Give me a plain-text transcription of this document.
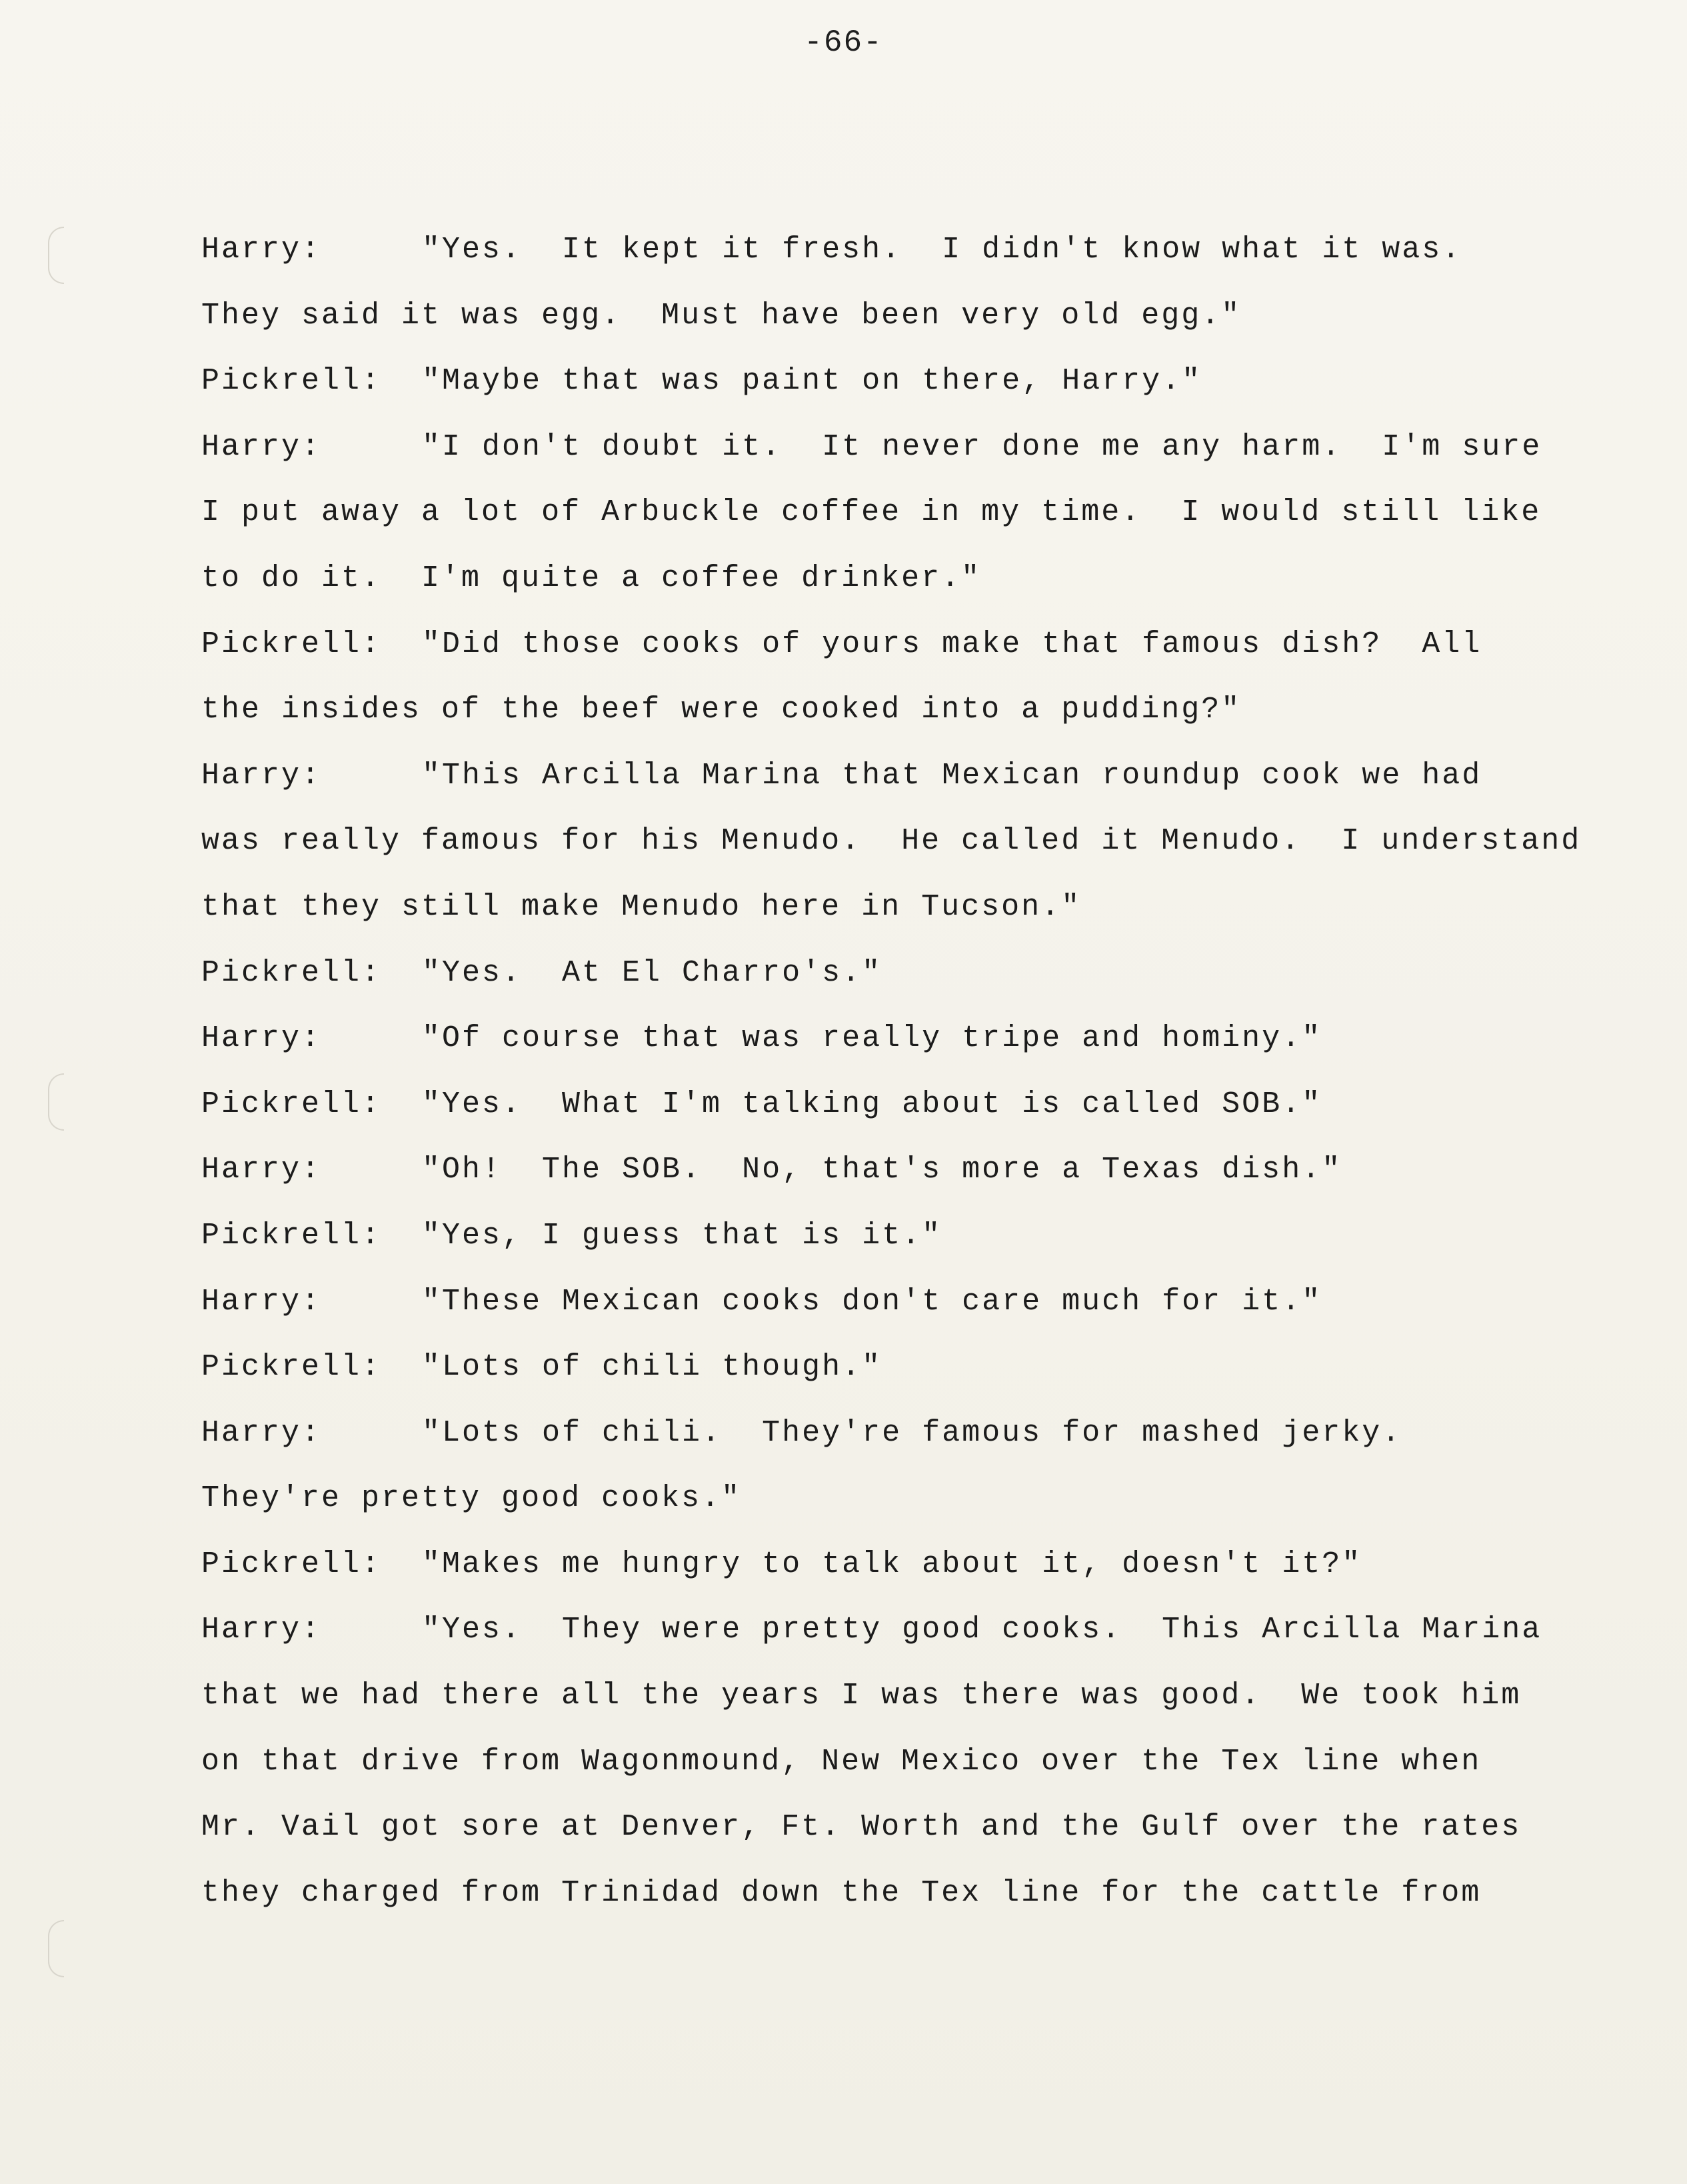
-66-
Harry:	"Yes.  It kept it fresh.  I didn't know what it was.
They said it was egg.  Must have been very old egg."
Pickrell: "Maybe that was paint on there, Harry."
Harry:	"I don't doubt it.  It never done me any harm.  I'm sure
I put away a lot of Arbuckle coffee in my time.  I would still like
to do it.  I'm quite a coffee drinker."
Pickrell: "Did those cooks of yours make that famous dish?  All
the insides of the beef were cooked into a pudding?"
Harry:	"This Arcilla Marina that Mexican roundup cook we had
was really famous for his Menudo.  He called it Menudo.  I understand
that they still make Menudo here in Tucson."
Pickrell: "Yes.  At El Charro's."
Harry:	"Of course that was really tripe and hominy."
Pickrell: "Yes.  What I'm talking about is called SOB."
Harry:	"Oh!  The SOB.  No, that's more a Texas dish."
Pickrell: "Yes, I guess that is it."
Harry:	"These Mexican cooks don't care much for it."
Pickrell: "Lots of chili though."
Harry:	"Lots of chili.  They're famous for mashed jerky.
They're pretty good cooks."
Pickrell: "Makes me hungry to talk about it, doesn't it?"
Harry:	"Yes.  They were pretty good cooks.  This Arcilla Marina
that we had there all the years I was there was good.  We took him
on that drive from Wagonmound, New Mexico over the Tex line when
Mr. Vail got sore at Denver, Ft. Worth and the Gulf over the rates
they charged from Trinidad down the Tex line for the cattle from
